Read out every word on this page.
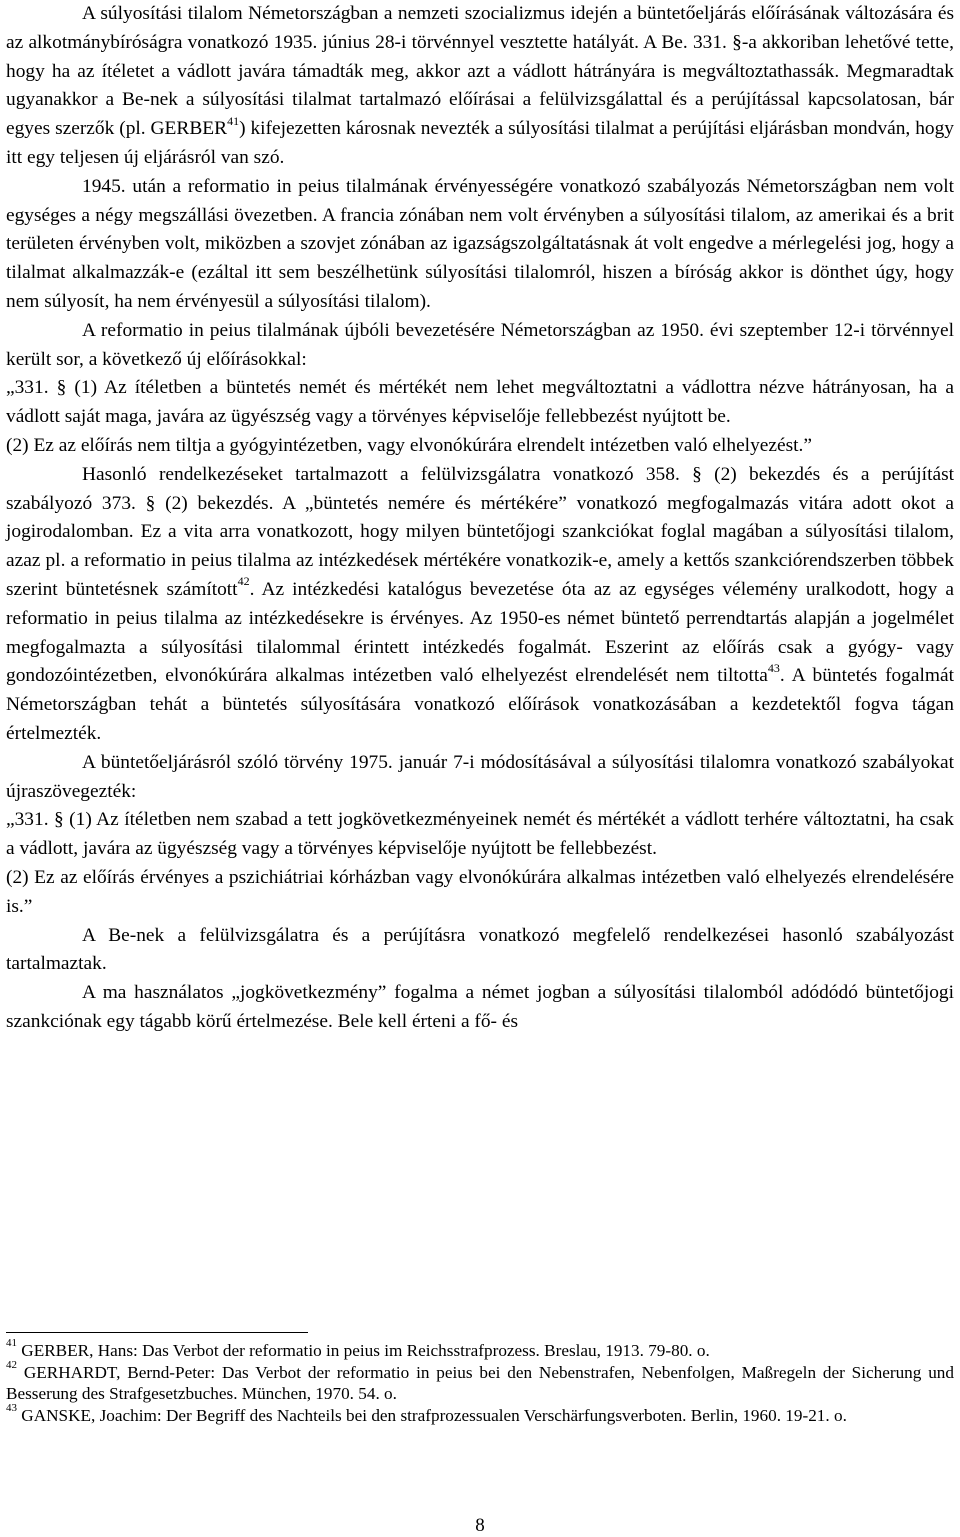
A súlyosítási tilalom Németországban a nemzeti szocializmus idején a büntetőeljárás előírásának változására és az alkotmánybíróságra vonatkozó 1935. június 28-i törvénnyel vesztette hatályát. A Be. 331. §-a akkoriban lehetővé tette, hogy ha az ítéletet a vádlott javára támadták meg, akkor azt a vádlott hátrányára is megváltoztathassák. Megmaradtak ugyanakkor a Be-nek a súlyosítási tilalmat tartalmazó előírásai a felülvizsgálattal és a perújítással kapcsolatosan, bár egyes szerzők (pl. GERBER$^{41}$) kifejezetten károsnak nevezték a súlyosítási tilalmat a perújítási eljárásban mondván, hogy itt egy teljesen új eljárásról van szó.

1945. után a reformatio in peius tilalmának érvényességére vonatkozó szabályozás Németországban nem volt egységes a négy megszállási övezetben. A francia zónában nem volt érvényben a súlyosítási tilalom, az amerikai és a brit területen érvényben volt, miközben a szovjet zónában az igazságszolgáltatásnak át volt engedve a mérlegelési jog, hogy a tilalmat alkalmazzák-e (ezáltal itt sem beszélhetünk súlyosítási tilalomról, hiszen a bíróság akkor is dönthet úgy, hogy nem súlyosít, ha nem érvényesül a súlyosítási tilalom).

A reformatio in peius tilalmának újbóli bevezetésére Németországban az 1950. évi szeptember 12-i törvénnyel került sor, a következő új előírásokkal:

„331. § (1) Az ítéletben a büntetés nemét és mértékét nem lehet megváltoztatni a vádlottra nézve hátrányosan, ha a vádlott saját maga, javára az ügyészség vagy a törvényes képviselője fellebbezést nyújtott be.

(2) Ez az előírás nem tiltja a gyógyintézetben, vagy elvonókúrára elrendelt intézetben való elhelyezést.”

Hasonló rendelkezéseket tartalmazott a felülvizsgálatra vonatkozó 358. § (2) bekezdés és a perújítást szabályozó 373. § (2) bekezdés. A „büntetés nemére és mértékére” vonatkozó megfogalmazás vitára adott okot a jogirodalomban. Ez a vita arra vonatkozott, hogy milyen büntetőjogi szankciókat foglal magában a súlyosítási tilalom, azaz pl. a reformatio in peius tilalma az intézkedések mértékére vonatkozik-e, amely a kettős szankciórendszerben többek szerint büntetésnek számított$^{42}$. Az intézkedési katalógus bevezetése óta az az egységes vélemény uralkodott, hogy a reformatio in peius tilalma az intézkedésekre is érvényes. Az 1950-es német büntető perrendtartás alapján a jogelmélet megfogalmazta a súlyosítási tilalommal érintett intézkedés fogalmát. Eszerint az előírás csak a gyógy- vagy gondozóintézetben, elvonókúrára alkalmas intézetben való elhelyezést elrendelését nem tiltotta$^{43}$. A büntetés fogalmát Németországban tehát a büntetés súlyosítására vonatkozó előírások vonatkozásában a kezdetektől fogva tágan értelmezték.

A büntetőeljárásról szóló törvény 1975. január 7-i módosításával a súlyosítási tilalomra vonatkozó szabályokat újraszövegezték:

„331. § (1) Az ítéletben nem szabad a tett jogkövetkezményeinek nemét és mértékét a vádlott terhére változtatni, ha csak a vádlott, javára az ügyészség vagy a törvényes képviselője nyújtott be fellebbezést.

(2) Ez az előírás érvényes a pszichiátriai kórházban vagy elvonókúrára alkalmas intézetben való elhelyezés elrendelésére is.”

A Be-nek a felülvizsgálatra és a perújításra vonatkozó megfelelő rendelkezései hasonló szabályozást tartalmaztak.

A ma használatos „jogkövetkezmény” fogalma a német jogban a súlyosítási tilalomból adódódó büntetőjogi szankciónak egy tágabb körű értelmezése. Bele kell érteni a fő- és

$^{41}$ GERBER, Hans: Das Verbot der reformatio in peius im Reichsstrafprozess. Breslau, 1913. 79-80. o.

$^{42}$ GERHARDT, Bernd-Peter: Das Verbot der reformatio in peius bei den Nebenstrafen, Nebenfolgen, Maßregeln der Sicherung und Besserung des Strafgesetzbuches. München, 1970. 54. o.

$^{43}$ GANSKE, Joachim: Der Begriff des Nachteils bei den strafprozessualen Verschärfungsverboten. Berlin, 1960. 19-21. o.

8
